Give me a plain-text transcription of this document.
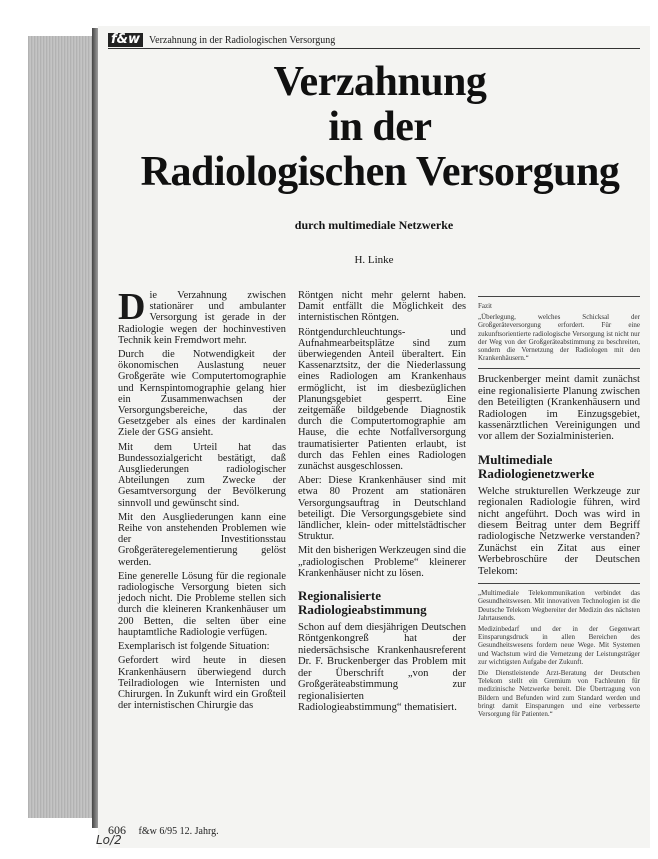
f&w Verzahnung in der Radiologischen Versorgung
Verzahnung
in der
Radiologischen Versorgung
durch multimediale Netzwerke
H. Linke

Die Verzahnung zwischen stationärer und ambulanter Versorgung ist gerade in der Radiologie wegen der hochinvestiven Technik kein Fremdwort mehr.

Durch die Notwendigkeit der ökonomischen Auslastung neuer Großgeräte wie Computertomographie und Kernspintomographie gelang hier ein Zusammenwachsen der Versorgungsbereiche, das der Gesetzgeber als eines der kardinalen Ziele der GSG ansieht.

Mit dem Urteil hat das Bundessozialgericht bestätigt, daß Ausgliederungen radiologischer Abteilungen zum Zwecke der Gesamtversorgung der Bevölkerung sinnvoll und gewünscht sind.

Mit den Ausgliederungen kann eine Reihe von anstehenden Problemen wie der Investitionsstau Großgeräteregelementierung gelöst werden.

Eine generelle Lösung für die regionale radiologische Versorgung bieten sich jedoch nicht. Die Probleme stellen sich durch die kleineren Krankenhäuser um 200 Betten, die selten über eine hauptamtliche Radiologie verfügen.

Exemplarisch ist folgende Situation:

Gefordert wird heute in diesen Krankenhäusern überwiegend durch Teilradiologen wie Internisten und Chirurgen. In Zukunft wird ein Großteil der internistischen Chirurgie das

Röntgen nicht mehr gelernt haben. Damit entfällt die Möglichkeit des internistischen Röntgen.

Röntgendurchleuchtungs- und Aufnahmearbeitsplätze sind zum überwiegenden Anteil überaltert. Ein Kassenarztsitz, der die Niederlassung eines Radiologen am Krankenhaus ermöglicht, ist im diesbezüglichen Planungsgebiet gesperrt. Eine zeitgemäße bildgebende Diagnostik durch die Computertomographie am Hause, die echte Notfallversorgung traumatisierter Patienten erlaubt, ist durch das Fehlen eines Radiologen zunächst ausgeschlossen.

Aber: Diese Krankenhäuser sind mit etwa 80 Prozent am stationären Versorgungsauftrag in Deutschland beteiligt. Die Versorgungsgebiete sind ländlicher, klein- oder mittelstädtischer Struktur.

Mit den bisherigen Werkzeugen sind die „radiologischen Probleme“ kleinerer Krankenhäuser nicht zu lösen.

Regionalisierte Radiologieabstimmung

Schon auf dem diesjährigen Deutschen Röntgenkongreß hat der niedersächsische Krankenhausreferent Dr. F. Bruckenberger das Problem mit der Überschrift „von der Großgeräteabstimmung zur regionalisierten Radiologieabstimmung“ thematisiert.

Fazit

„Überlegung, welches Schicksal der Großgeräteversorgung erfordert. Für eine zukunftsorientierte radiologische Versorgung ist nicht nur der Weg von der Großgeräteabstimmung zu beschreiten, sondern die Vernetzung der Radiologen mit den Krankenhäusern.“

Bruckenberger meint damit zunächst eine regionalisierte Planung zwischen den Beteiligten (Krankenhäusern und Radiologen im Einzugsgebiet, kassenärztlichen Vereinigungen und vor allem der Sozialministerien.

Multimediale Radiologienetzwerke

Welche strukturellen Werkzeuge zur regionalen Radiologie führen, wird nicht angeführt. Doch was wird in diesem Beitrag unter dem Begriff radiologische Netzwerke verstanden? Zunächst ein Zitat aus einer Werbebroschüre der Deutschen Telekom:

„Multimediale Telekommunikation verbindet das Gesundheitswesen. Mit innovativen Technologien ist die Deutsche Telekom Wegbereiter der Medizin des nächsten Jahrtausends.

Medizinbedarf und der in der Gegenwart Einsparungsdruck in allen Bereichen des Gesundheitswesens fordern neue Wege. Mit Systemen und Wachstum wird die Vernetzung der Leistungsträger zur wichtigsten Aufgabe der Zukunft.

Die Dienstleistende Arzt-Beratung der Deutschen Telekom stellt ein Gremium von Fachleuten für medizinische Netzwerke bereit. Die Übertragung von Bildern und Befunden wird zum Standard werden und bringt damit Einsparungen und eine verbesserte Versorgung für Patienten.“

606 f&w 6/95 12. Jahrg.
Lo/2
